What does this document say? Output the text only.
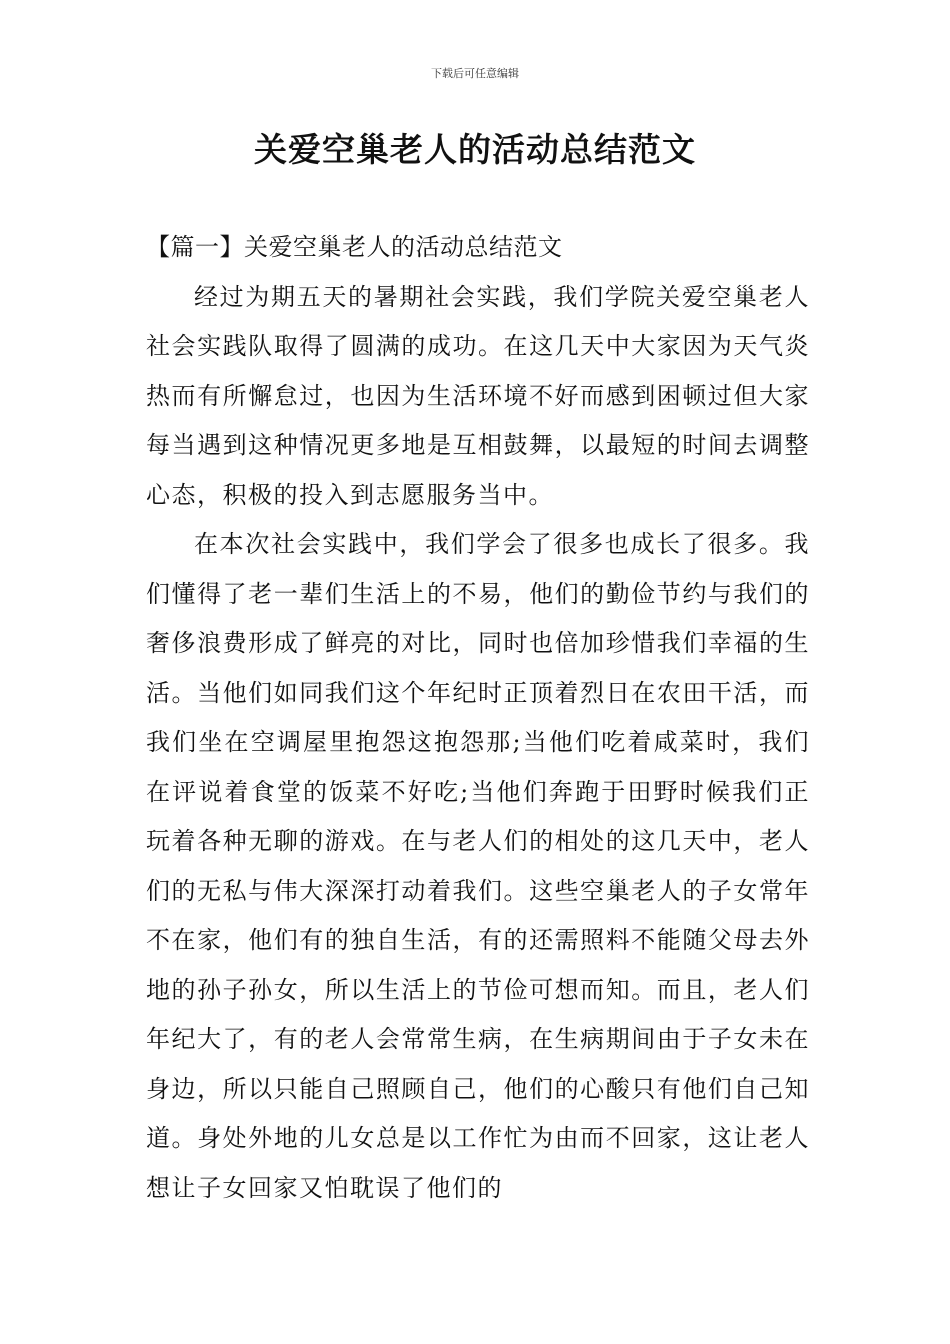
下载后可任意编辑
关爱空巢老人的活动总结范文
【篇一】关爱空巢老人的活动总结范文

经过为期五天的暑期社会实践，我们学院关爱空巢老人社会实践队取得了圆满的成功。在这几天中大家因为天气炎热而有所懈怠过，也因为生活环境不好而感到困顿过但大家每当遇到这种情况更多地是互相鼓舞，以最短的时间去调整心态，积极的投入到志愿服务当中。

在本次社会实践中，我们学会了很多也成长了很多。我们懂得了老一辈们生活上的不易，他们的勤俭节约与我们的奢侈浪费形成了鲜亮的对比，同时也倍加珍惜我们幸福的生活。当他们如同我们这个年纪时正顶着烈日在农田干活，而我们坐在空调屋里抱怨这抱怨那;当他们吃着咸菜时，我们在评说着食堂的饭菜不好吃;当他们奔跑于田野时候我们正玩着各种无聊的游戏。在与老人们的相处的这几天中，老人们的无私与伟大深深打动着我们。这些空巢老人的子女常年不在家，他们有的独自生活，有的还需照料不能随父母去外地的孙子孙女，所以生活上的节俭可想而知。而且，老人们年纪大了，有的老人会常常生病，在生病期间由于子女未在身边，所以只能自己照顾自己，他们的心酸只有他们自己知道。身处外地的儿女总是以工作忙为由而不回家，这让老人想让子女回家又怕耽误了他们的
